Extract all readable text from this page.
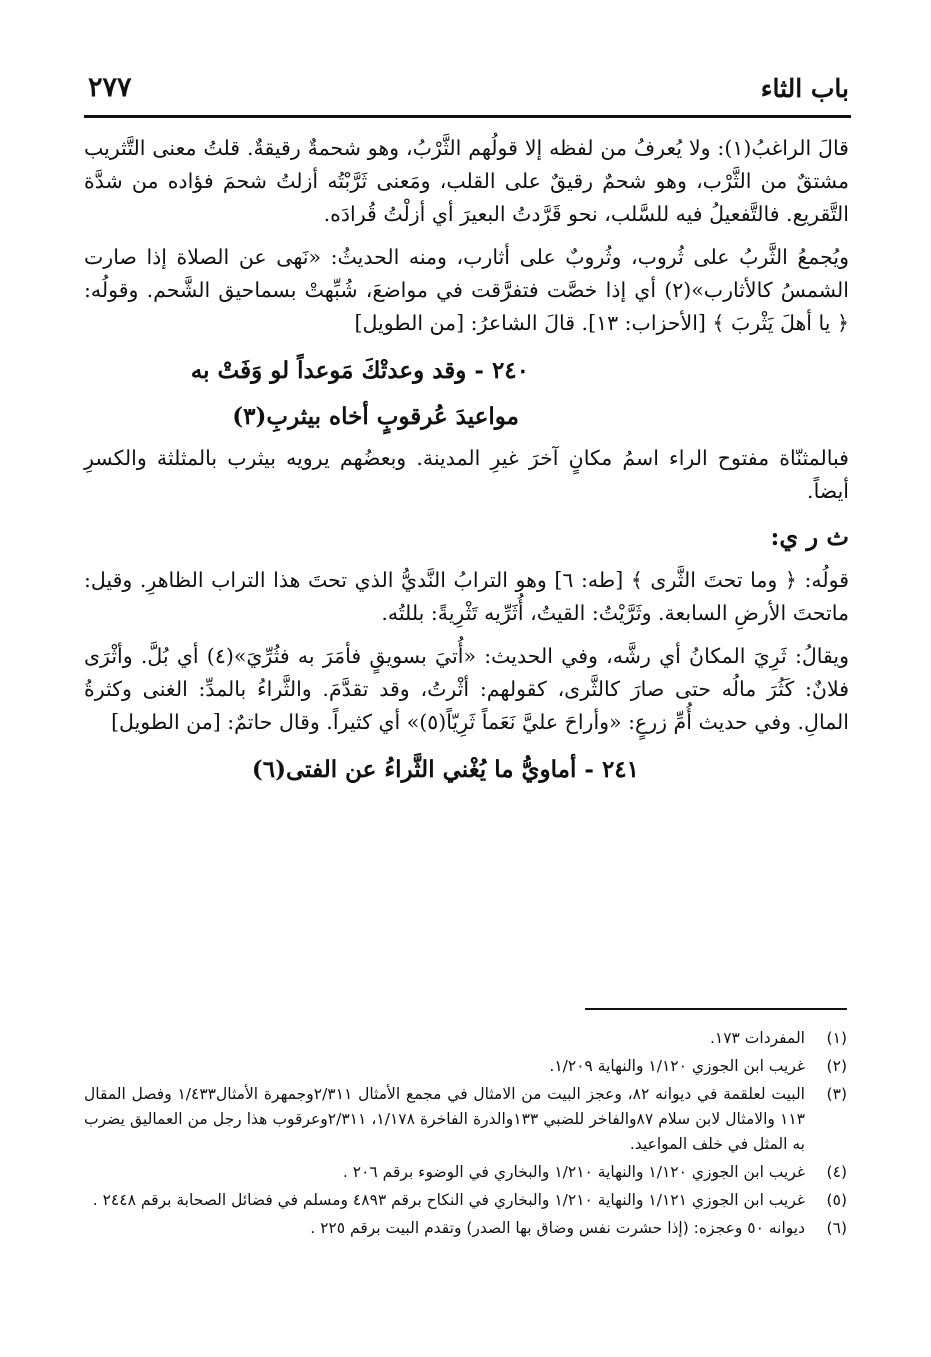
باب الثاء
٢٧٧

قالَ الراغبُ(١): ولا يُعرفُ من لفظه إلا قولُهم الثَّرْبُ، وهو شحمةٌ رقيقةٌ. قلتُ معنى التَّثريب مشتقٌ من الثَّرْب، وهو شحمٌ رقيقٌ على القلب، ومَعنى ثَرَّبْتُه أزلتُ شحمَ فؤاده من شدَّة التَّقريع. فالتَّفعيلُ فيه للسَّلب، نحو قَرَّدتُ البعيرَ أي أزلْتُ قُرادَه.

ويُجمعُ الثَّربُ على ثُروب، وثُروبٌ على أثارب، ومنه الحديثُ: «نَهى عن الصلاة إذا صارت الشمسُ كالأثارب»(٢) أي إذا خصَّت فتفرَّقت في مواضعَ، شُبِّهتْ بسماحيق الشَّحم. وقولُه: ﴿ يا أهلَ يَثْربَ ﴾ [الأحزاب: ١٣]. قالَ الشاعرُ: [من الطويل]

٢٤٠ - وقد وعدتْكَ مَوعداً لو وَفَتْ به
مواعيدَ عُرقوبٍ أخاه بيثربِ(٣)

فبالمثنّاة مفتوح الراء اسمُ مكانٍ آخرَ غيرِ المدينة. وبعضُهم يرويه بيثرب بالمثلثة والكسرِ أيضاً.

ث ر ي:

قولُه: ﴿ وما تحتَ الثَّرى ﴾ [طه: ٦] وهو الترابُ النَّديُّ الذي تحتَ هذا التراب الظاهرِ. وقيل: ماتحتَ الأرضِ السابعة. وثَرَّيْتُ: القيتُ، أُثَرِّيه تَثْرِيةً: بللتُه.

ويقالُ: ثَرِيَ المكانُ أي رشَّه، وفي الحديث: «أُتيَ بسويقٍ فأمَرَ به فثُرِّيَ»(٤) أي بُلَّ. وأثْرَى فلانٌ: كَثُرَ مالُه حتى صارَ كالثَّرى، كقولهم: أثْرتُ، وقد تقدَّمَ. والثَّراءُ بالمدِّ: الغنى وكثرةُ المالِ. وفي حديث أُمِّ زرعٍ: «وأراحَ عليَّ نَعَماً ثَرِيّاً(٥)» أي كثيراً. وقال حاتمٌ: [من الطويل]

٢٤١ - أماويُّ ما يُغْني الثَّراءُ عن الفتى(٦)
(١)
المفردات ١٧٣.
(٢)
غريب ابن الجوزي ١/١٢٠ والنهاية ١/٢٠٩.
(٣)
البيت لعلقمة في ديوانه ٨٢، وعجز البيت من الامثال في مجمع الأمثال ٢/٣١١وجمهرة الأمثال١/٤٣٣ وفصل المقال ١١٣ والامثال لابن سلام ٨٧والفاخر للضبي ١٣٣والدرة الفاخرة ١/١٧٨، ٢/٣١١وعرقوب هذا رجل من العماليق يضرب به المثل في خلف المواعيد.
(٤)
غريب ابن الجوزي ١/١٢٠ والنهاية ١/٢١٠ والبخاري في الوضوء برقم ٢٠٦ .
(٥)
غريب ابن الجوزي ١/١٢١ والنهاية ١/٢١٠ والبخاري في النكاح برقم ٤٨٩٣ ومسلم في فضائل الصحابة برقم ٢٤٤٨ .
(٦)
ديوانه ٥٠ وعجزه: (إذا حشرت نفس وضاق بها الصدر) وتقدم البيت برقم ٢٢٥ .
